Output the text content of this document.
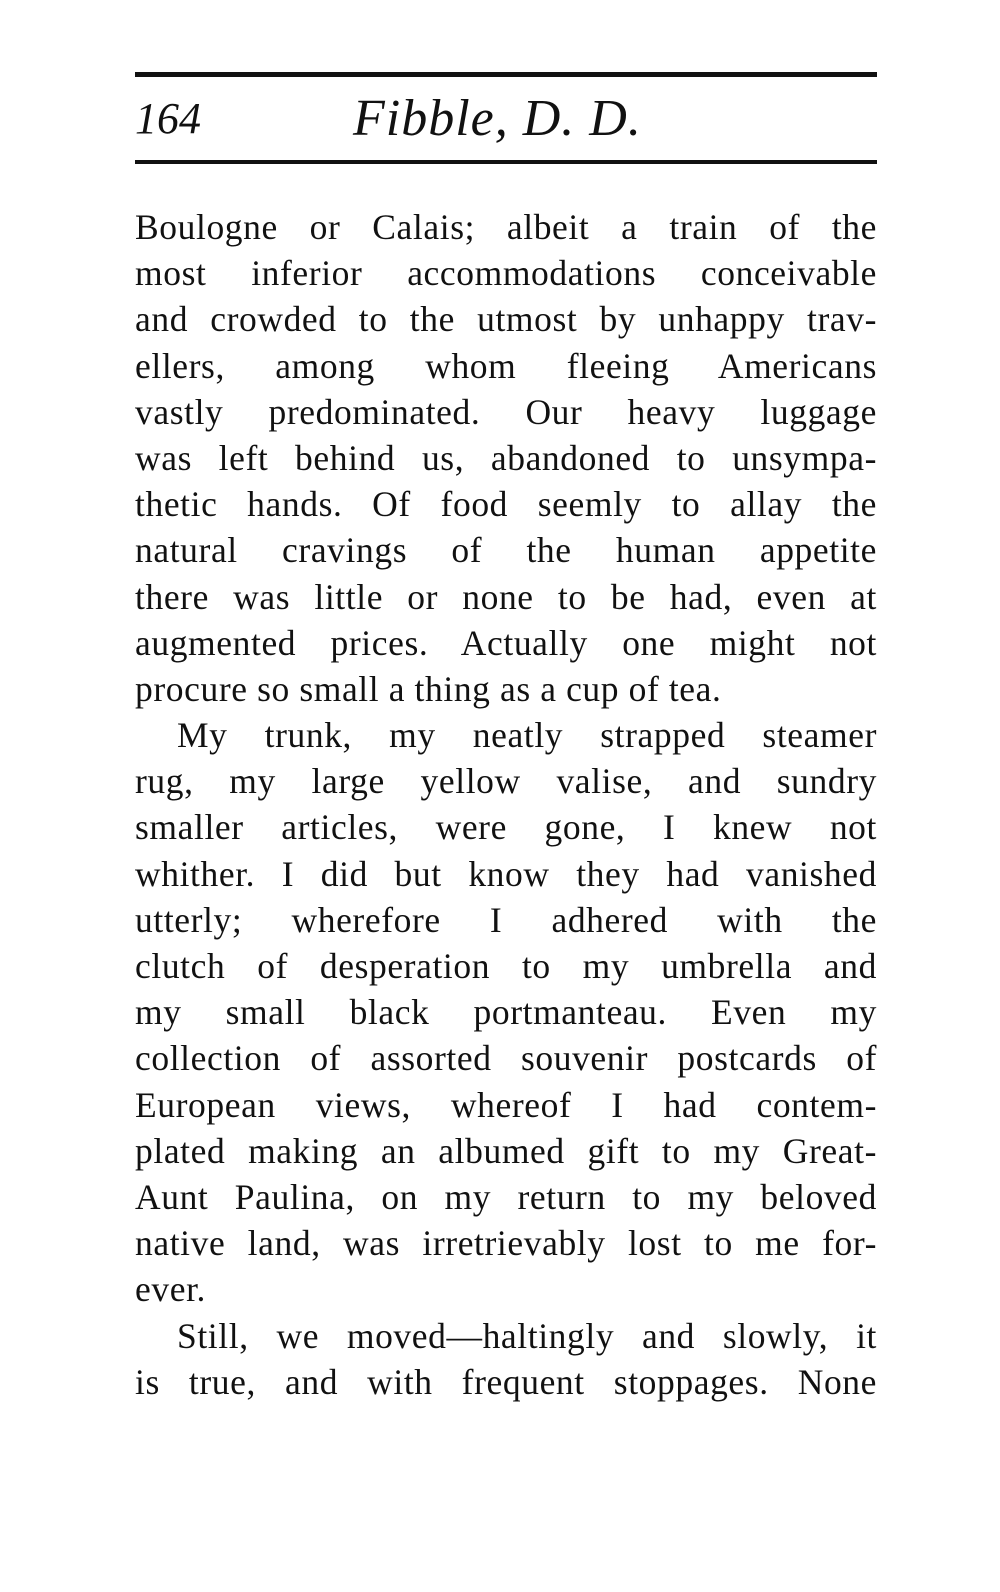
164	Fibble, D. D.
Boulogne or Calais; albeit a train of the
most inferior accommodations conceivable
and crowded to the utmost by unhappy trav-
ellers, among whom fleeing Americans
vastly predominated. Our heavy luggage
was left behind us, abandoned to unsympa-
thetic hands. Of food seemly to allay the
natural cravings of the human appetite
there was little or none to be had, even at
augmented prices. Actually one might not
procure so small a thing as a cup of tea.
My trunk, my neatly strapped steamer
rug, my large yellow valise, and sundry
smaller articles, were gone, I knew not
whither. I did but know they had vanished
utterly; wherefore I adhered with the
clutch of desperation to my umbrella and
my small black portmanteau. Even my
collection of assorted souvenir postcards of
European views, whereof I had contem-
plated making an albumed gift to my Great-
Aunt Paulina, on my return to my beloved
native land, was irretrievably lost to me for-
ever.
Still, we moved—haltingly and slowly, it
is true, and with frequent stoppages. None
